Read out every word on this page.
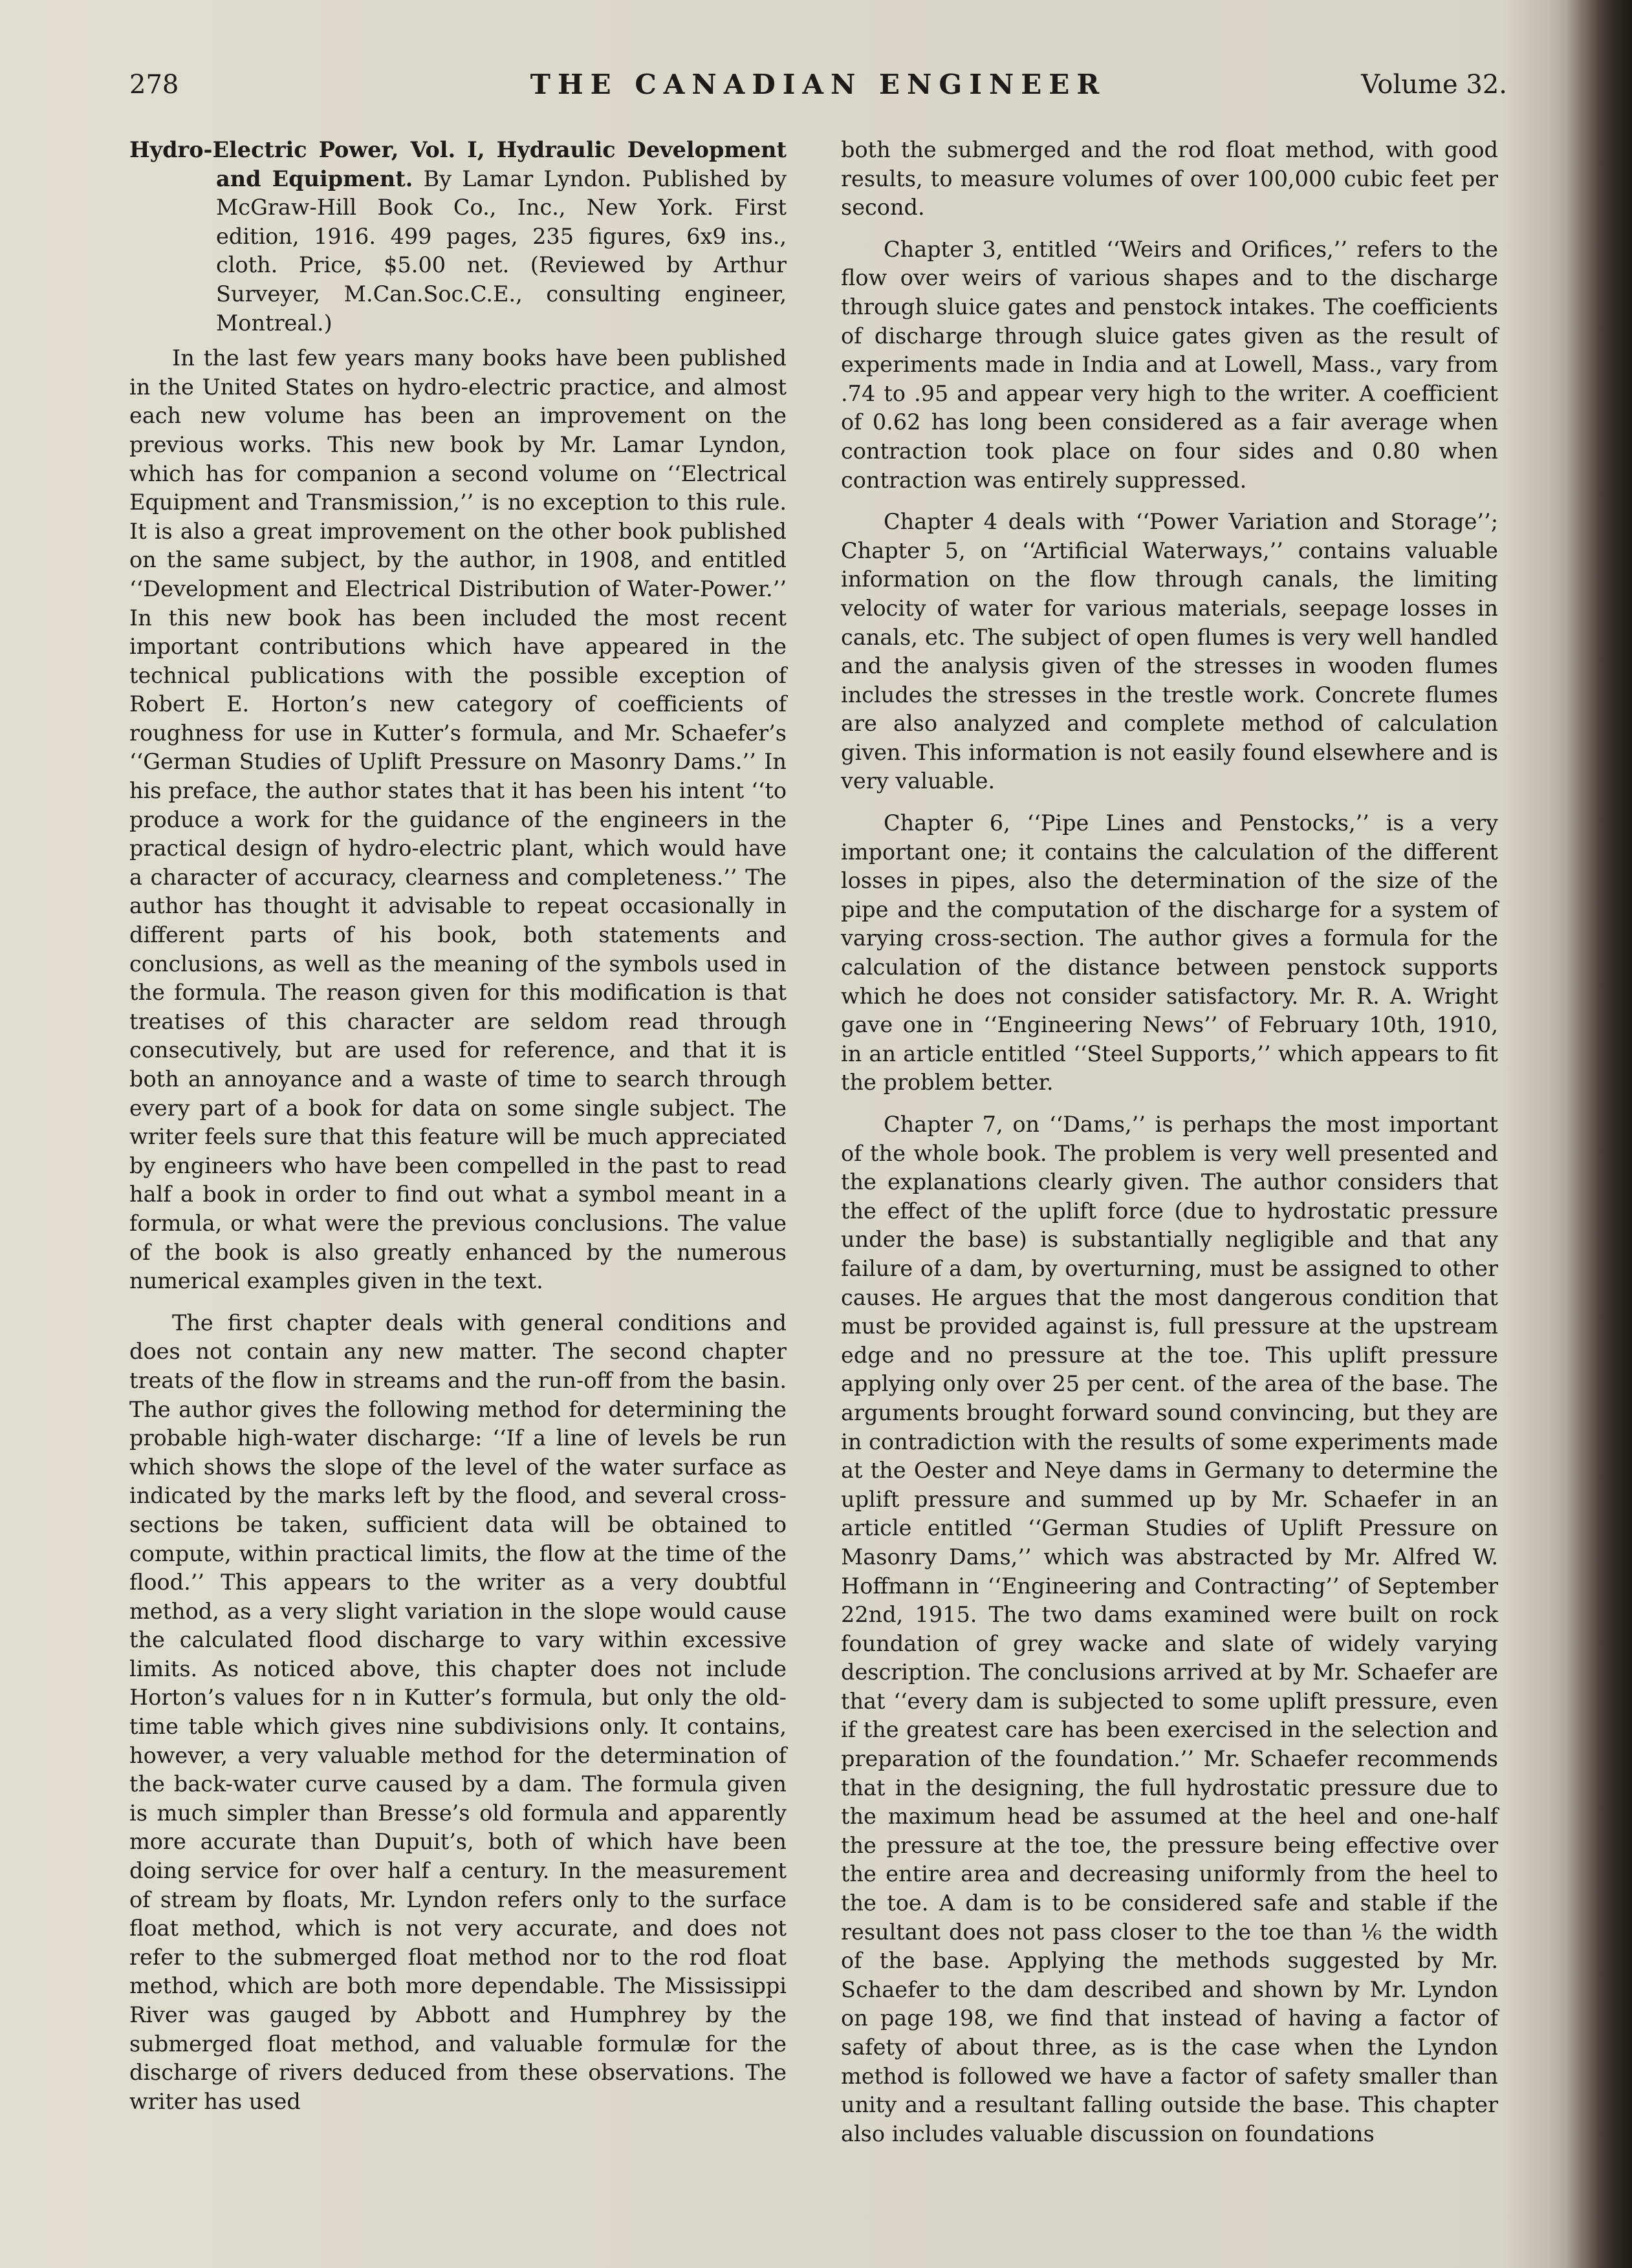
278	THE CANADIAN ENGINEER	Volume 32.
Hydro-Electric Power, Vol. I, Hydraulic Development and Equipment. By Lamar Lyndon. Published by McGraw-Hill Book Co., Inc., New York. First edition, 1916. 499 pages, 235 figures, 6x9 ins., cloth. Price, $5.00 net. (Reviewed by Arthur Surveyer, M.Can.Soc.C.E., consulting engineer, Montreal.)

In the last few years many books have been published in the United States on hydro-electric practice, and almost each new volume has been an improvement on the previous works. This new book by Mr. Lamar Lyndon, which has for companion a second volume on ‘‘Electrical Equipment and Transmission,’’ is no exception to this rule. It is also a great improvement on the other book published on the same subject, by the author, in 1908, and entitled ‘‘Development and Electrical Distribution of Water-Power.’’ In this new book has been included the most recent important contributions which have appeared in the technical publications with the possible exception of Robert E. Horton’s new category of coefficients of roughness for use in Kutter’s formula, and Mr. Schaefer’s ‘‘German Studies of Uplift Pressure on Masonry Dams.’’ In his preface, the author states that it has been his intent ‘‘to produce a work for the guidance of the engineers in the practical design of hydro-electric plant, which would have a character of accuracy, clearness and completeness.’’ The author has thought it advisable to repeat occasionally in different parts of his book, both statements and conclusions, as well as the meaning of the symbols used in the formula. The reason given for this modification is that treatises of this character are seldom read through consecutively, but are used for reference, and that it is both an annoyance and a waste of time to search through every part of a book for data on some single subject. The writer feels sure that this feature will be much appreciated by engineers who have been compelled in the past to read half a book in order to find out what a symbol meant in a formula, or what were the previous conclusions. The value of the book is also greatly enhanced by the numerous numerical examples given in the text.

The first chapter deals with general conditions and does not contain any new matter. The second chapter treats of the flow in streams and the run-off from the basin. The author gives the following method for determining the probable high-water discharge: ‘‘If a line of levels be run which shows the slope of the level of the water surface as indicated by the marks left by the flood, and several cross-sections be taken, sufficient data will be obtained to compute, within practical limits, the flow at the time of the flood.’’ This appears to the writer as a very doubtful method, as a very slight variation in the slope would cause the calculated flood discharge to vary within excessive limits. As noticed above, this chapter does not include Horton’s values for n in Kutter’s formula, but only the old-time table which gives nine subdivisions only. It contains, however, a very valuable method for the determination of the back-water curve caused by a dam. The formula given is much simpler than Bresse’s old formula and apparently more accurate than Dupuit’s, both of which have been doing service for over half a century. In the measurement of stream by floats, Mr. Lyndon refers only to the surface float method, which is not very accurate, and does not refer to the submerged float method nor to the rod float method, which are both more dependable. The Mississippi River was gauged by Abbott and Humphrey by the submerged float method, and valuable formulæ for the discharge of rivers deduced from these observations. The writer has used

both the submerged and the rod float method, with good results, to measure volumes of over 100,000 cubic feet per second.

Chapter 3, entitled ‘‘Weirs and Orifices,’’ refers to the flow over weirs of various shapes and to the discharge through sluice gates and penstock intakes. The coefficients of discharge through sluice gates given as the result of experiments made in India and at Lowell, Mass., vary from .74 to .95 and appear very high to the writer. A coefficient of 0.62 has long been considered as a fair average when contraction took place on four sides and 0.80 when contraction was entirely suppressed.

Chapter 4 deals with ‘‘Power Variation and Storage’’; Chapter 5, on ‘‘Artificial Waterways,’’ contains valuable information on the flow through canals, the limiting velocity of water for various materials, seepage losses in canals, etc. The subject of open flumes is very well handled and the analysis given of the stresses in wooden flumes includes the stresses in the trestle work. Concrete flumes are also analyzed and complete method of calculation given. This information is not easily found elsewhere and is very valuable.

Chapter 6, ‘‘Pipe Lines and Penstocks,’’ is a very important one; it contains the calculation of the different losses in pipes, also the determination of the size of the pipe and the computation of the discharge for a system of varying cross-section. The author gives a formula for the calculation of the distance between penstock supports which he does not consider satisfactory. Mr. R. A. Wright gave one in ‘‘Engineering News’’ of February 10th, 1910, in an article entitled ‘‘Steel Supports,’’ which appears to fit the problem better.

Chapter 7, on ‘‘Dams,’’ is perhaps the most important of the whole book. The problem is very well presented and the explanations clearly given. The author considers that the effect of the uplift force (due to hydrostatic pressure under the base) is substantially negligible and that any failure of a dam, by overturning, must be assigned to other causes. He argues that the most dangerous condition that must be provided against is, full pressure at the upstream edge and no pressure at the toe. This uplift pressure applying only over 25 per cent. of the area of the base. The arguments brought forward sound convincing, but they are in contradiction with the results of some experiments made at the Oester and Neye dams in Germany to determine the uplift pressure and summed up by Mr. Schaefer in an article entitled ‘‘German Studies of Uplift Pressure on Masonry Dams,’’ which was abstracted by Mr. Alfred W. Hoffmann in ‘‘Engineering and Contracting’’ of September 22nd, 1915. The two dams examined were built on rock foundation of grey wacke and slate of widely varying description. The conclusions arrived at by Mr. Schaefer are that ‘‘every dam is subjected to some uplift pressure, even if the greatest care has been exercised in the selection and preparation of the foundation.’’ Mr. Schaefer recommends that in the designing, the full hydrostatic pressure due to the maximum head be assumed at the heel and one-half the pressure at the toe, the pressure being effective over the entire area and decreasing uniformly from the heel to the toe. A dam is to be considered safe and stable if the resultant does not pass closer to the toe than ⅙ the width of the base. Applying the methods suggested by Mr. Schaefer to the dam described and shown by Mr. Lyndon on page 198, we find that instead of having a factor of safety of about three, as is the case when the Lyndon method is followed we have a factor of safety smaller than unity and a resultant falling outside the base. This chapter also includes valuable discussion on foundations
